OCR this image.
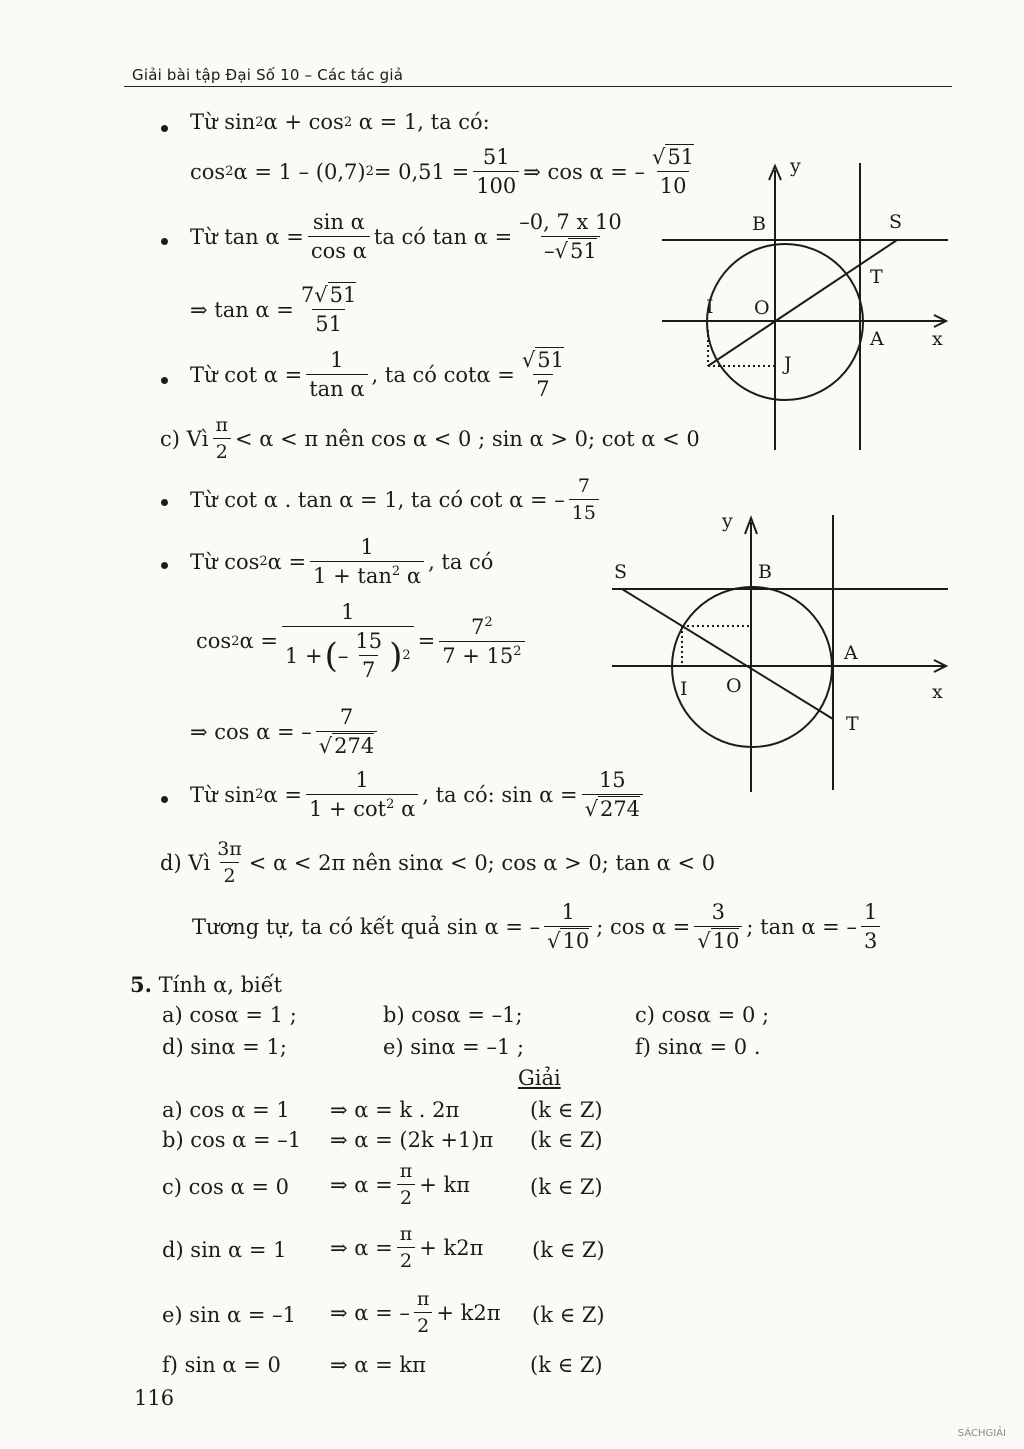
Giải bài tập Đại Số 10 – Các tác giả
Từ sin 2 α + cos 2
α = 1, ta có:
cos 2 α = 1 – (0,7) $2 = 0,51 = \frac{51}{100}$ ⇒ cos α = – $\frac{√51}{10}$
Từ $\tan \alpha = \frac{\text{sin α}}{\text{cos α}}$ ta có $\tan \alpha = \frac{-0, 7 x 10}{-√51}$
⇒ $\tan \alpha = \frac{7√51}{51}$
Từ $\cot \alpha = \frac{1}{\text{tan α}}$ , ta có $\cot\alpha = \frac{√51}{7}$
c) Vì $\frac{\pi}{2} < \alpha < \pi$ nên cos α < 0 ; sin α > 0; cot α < 0
Từ cot α . tan α = 1, ta có cot α = – $\frac{7}{15}$
Từ cos 2 $\alpha = \frac{1}{1 + \tan^2 \alpha}$ , ta có
cos 2 $\alpha = \frac{1}{1 + ( - \frac{15}{7} ) 2} = \frac{7^2}{7 + 15^2}$
⇒ cos α = – $\frac{7}{√274}$
Từ sin 2 $\alpha = \frac{1}{1 + \cot^2 \alpha}$ , ta có: $\sin \alpha = \frac{15}{√274}$
d) Vì $\frac{3\pi}{2} < \alpha < 2\pi$ nên sinα < 0; cos α > 0; tan α < 0
Tương tự, ta có kết quả sin α = – $\frac{1}{√10}$ ; $\cos \alpha = \frac{3}{√10}$ ; tan α = – $\frac{1}{3}$
5. Tính α, biết
a) cosα = 1 ;	b) cosα = –1;	c) cosα = 0 ;
d) sinα = 1;	e) sinα = –1 ;	f) sinα = 0 .
Giải
a) cos α = 1 ⇒ α = k . 2π	(k ∈ Z)
b) cos α = –1 ⇒ α = (2k +1)π (k ∈ Z)
c) cos α = 0 ⇒ $\alpha = \frac{\pi}{2} + k\pi$	(k ∈ Z)
d) sin α = 1 ⇒ $\alpha = \frac{\pi}{2} + k2\pi$ (k ∈ Z)
e) sin α = –1 ⇒ α = – $\frac{\pi}{2} + k2\pi$ (k ∈ Z)
f) sin α = 0 ⇒ α = kπ	(k ∈ Z)
116
SÁCHGIẢI
y
x
B	S
T
I O
A
J
y
x
B
S
T
I O
A
